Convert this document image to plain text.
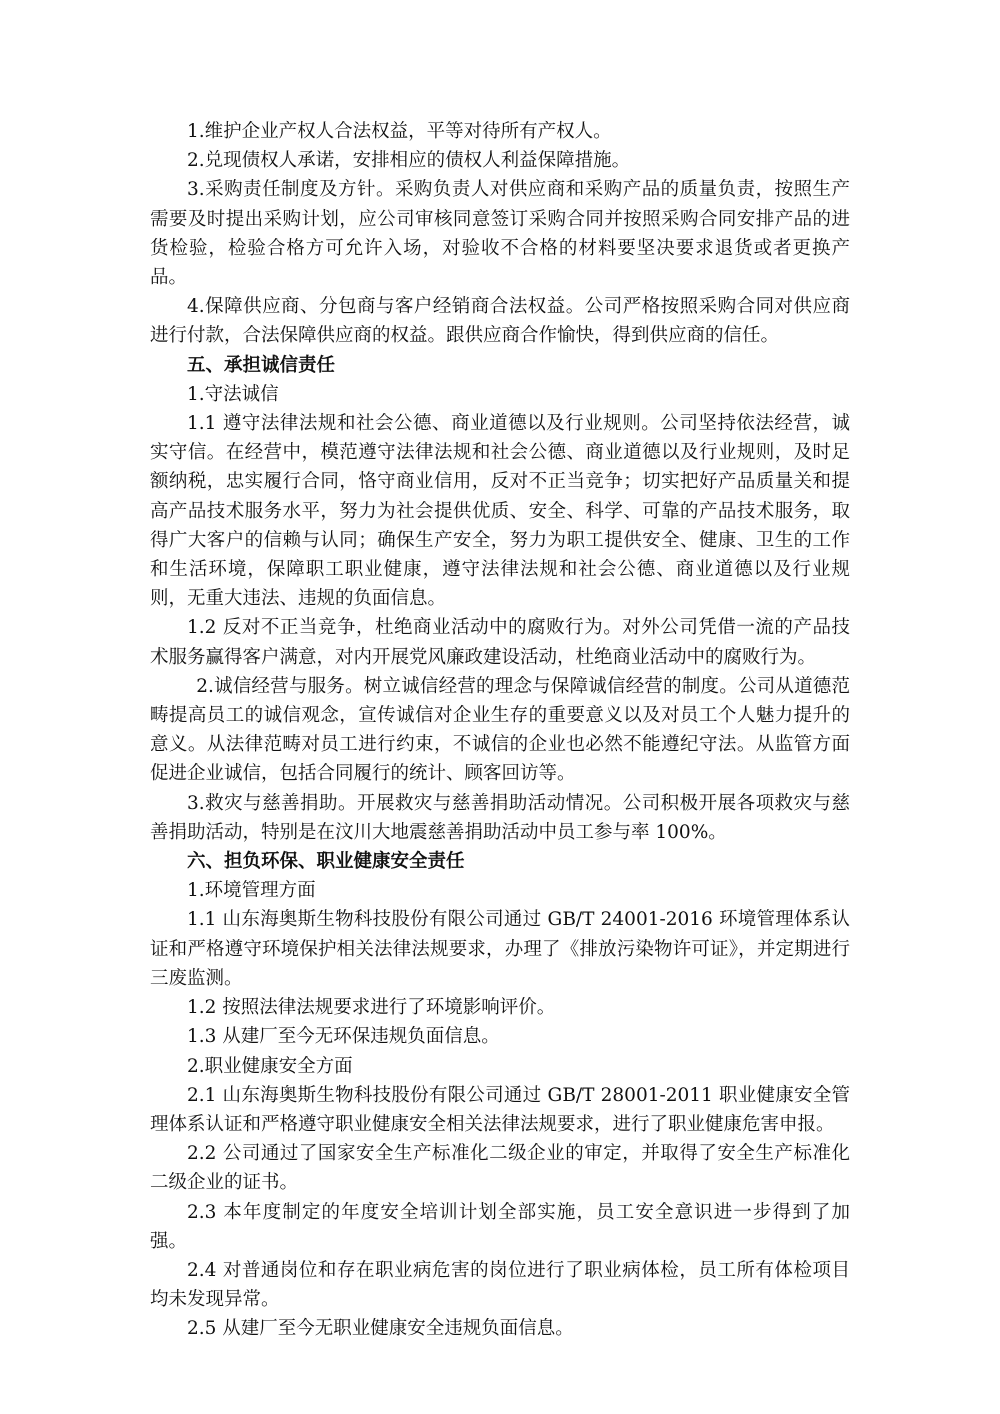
1.维护企业产权人合法权益，平等对待所有产权人。

2.兑现债权人承诺，安排相应的债权人利益保障措施。

3.采购责任制度及方针。采购负责人对供应商和采购产品的质量负责，按照生产需要及时提出采购计划，应公司审核同意签订采购合同并按照采购合同安排产品的进货检验，检验合格方可允许入场，对验收不合格的材料要坚决要求退货或者更换产品。

4.保障供应商、分包商与客户经销商合法权益。公司严格按照采购合同对供应商进行付款，合法保障供应商的权益。跟供应商合作愉快，得到供应商的信任。

五、承担诚信责任

1.守法诚信

1.1 遵守法律法规和社会公德、商业道德以及行业规则。公司坚持依法经营，诚实守信。在经营中，模范遵守法律法规和社会公德、商业道德以及行业规则，及时足额纳税，忠实履行合同，恪守商业信用，反对不正当竞争；切实把好产品质量关和提高产品技术服务水平，努力为社会提供优质、安全、科学、可靠的产品技术服务，取得广大客户的信赖与认同；确保生产安全，努力为职工提供安全、健康、卫生的工作和生活环境，保障职工职业健康，遵守法律法规和社会公德、商业道德以及行业规则，无重大违法、违规的负面信息。

1.2 反对不正当竞争，杜绝商业活动中的腐败行为。对外公司凭借一流的产品技术服务赢得客户满意，对内开展党风廉政建设活动，杜绝商业活动中的腐败行为。

2.诚信经营与服务。树立诚信经营的理念与保障诚信经营的制度。公司从道德范畴提高员工的诚信观念，宣传诚信对企业生存的重要意义以及对员工个人魅力提升的意义。从法律范畴对员工进行约束，不诚信的企业也必然不能遵纪守法。从监管方面促进企业诚信，包括合同履行的统计、顾客回访等。

3.救灾与慈善捐助。开展救灾与慈善捐助活动情况。公司积极开展各项救灾与慈善捐助活动，特别是在汶川大地震慈善捐助活动中员工参与率 100%。

六、担负环保、职业健康安全责任

1.环境管理方面

1.1 山东海奥斯生物科技股份有限公司通过 GB/T 24001-2016 环境管理体系认证和严格遵守环境保护相关法律法规要求，办理了《排放污染物许可证》，并定期进行三废监测。

1.2 按照法律法规要求进行了环境影响评价。

1.3 从建厂至今无环保违规负面信息。

2.职业健康安全方面

2.1 山东海奥斯生物科技股份有限公司通过 GB/T 28001-2011 职业健康安全管理体系认证和严格遵守职业健康安全相关法律法规要求，进行了职业健康危害申报。

2.2 公司通过了国家安全生产标准化二级企业的审定，并取得了安全生产标准化二级企业的证书。

2.3 本年度制定的年度安全培训计划全部实施，员工安全意识进一步得到了加强。

2.4 对普通岗位和存在职业病危害的岗位进行了职业病体检，员工所有体检项目均未发现异常。

2.5 从建厂至今无职业健康安全违规负面信息。
